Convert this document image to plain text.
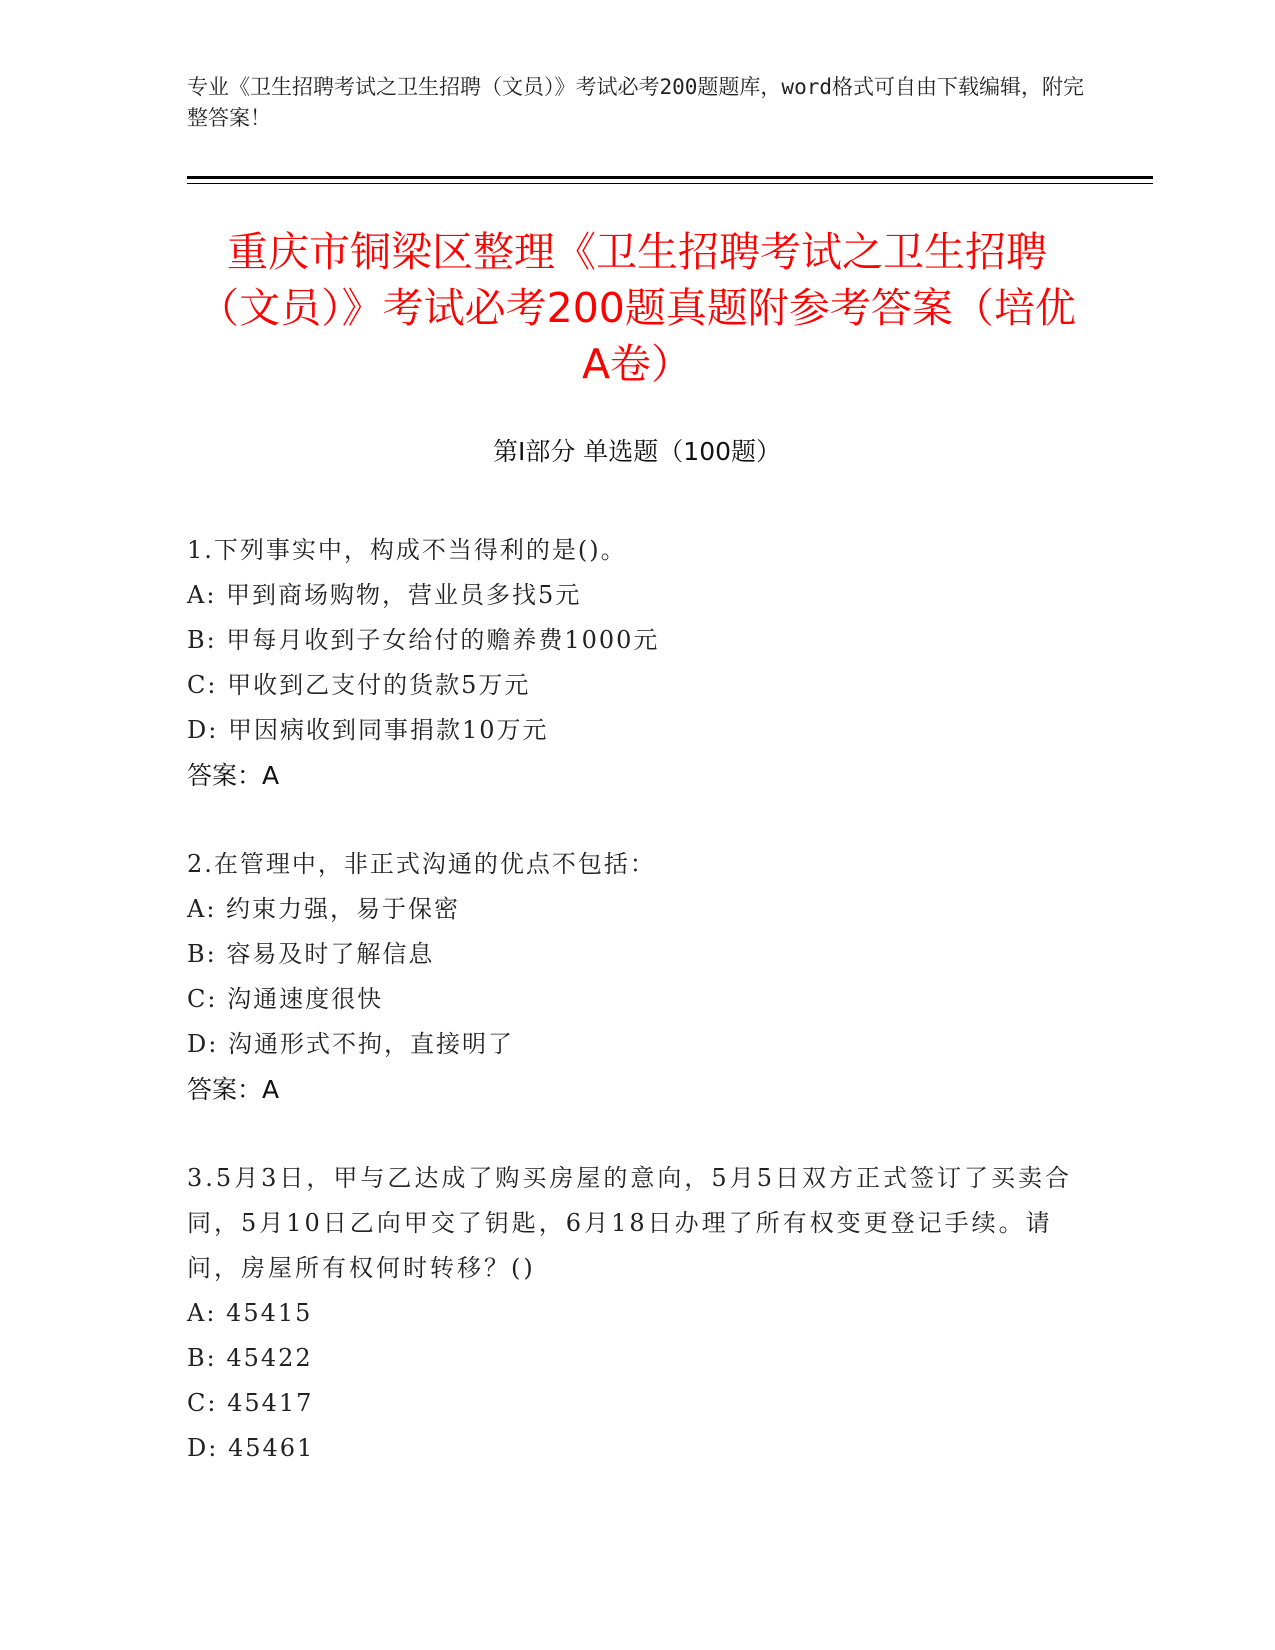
专业《卫生招聘考试之卫生招聘（文员）》考试必考200题题库，word格式可自由下载编辑，附完整答案！

重庆市铜梁区整理《卫生招聘考试之卫生招聘（文员）》考试必考200题真题附参考答案（培优A卷）
第I部分 单选题（100题）

1.下列事实中，构成不当得利的是()。

A: 甲到商场购物，营业员多找5元

B: 甲每月收到子女给付的赡养费1000元

C: 甲收到乙支付的货款5万元

D: 甲因病收到同事捐款10万元

答案：A

2.在管理中，非正式沟通的优点不包括：

A: 约束力强，易于保密

B: 容易及时了解信息

C: 沟通速度很快

D: 沟通形式不拘，直接明了

答案：A

3.5月3日，甲与乙达成了购买房屋的意向，5月5日双方正式签订了买卖合同，5月10日乙向甲交了钥匙，6月18日办理了所有权变更登记手续。请问，房屋所有权何时转移？()

A: 45415

B: 45422

C: 45417

D: 45461
